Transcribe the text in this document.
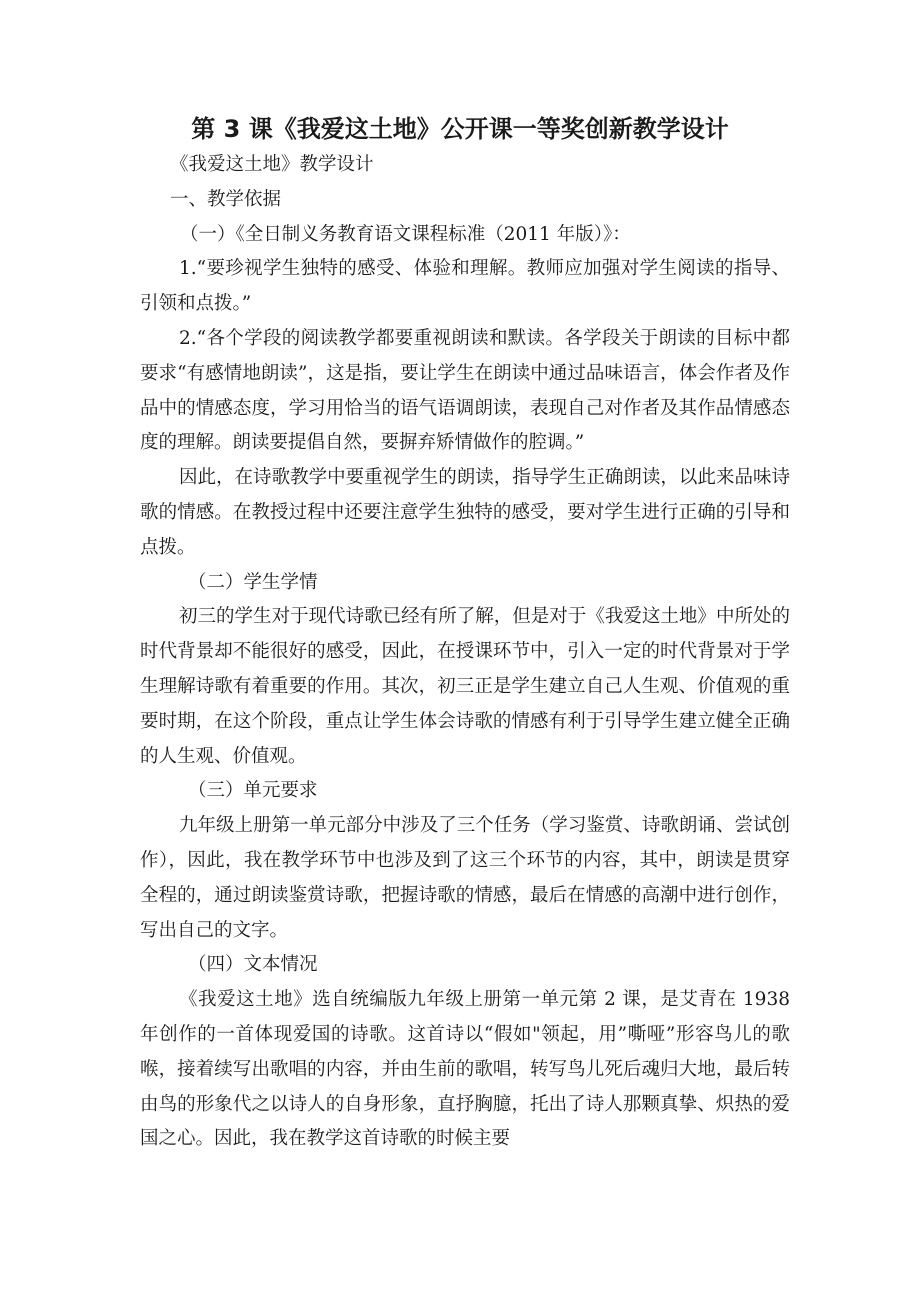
第 3 课《我爱这土地》公开课一等奖创新教学设计

《我爱这土地》教学设计

一、教学依据

（一）《全日制义务教育语文课程标准（2011 年版）》：

1.“要珍视学生独特的感受、体验和理解。教师应加强对学生阅读的指导、引领和点拨。”

2.“各个学段的阅读教学都要重视朗读和默读。各学段关于朗读的目标中都要求“有感情地朗读”，这是指，要让学生在朗读中通过品味语言，体会作者及作品中的情感态度，学习用恰当的语气语调朗读，表现自己对作者及其作品情感态度的理解。朗读要提倡自然，要摒弃矫情做作的腔调。”

因此，在诗歌教学中要重视学生的朗读，指导学生正确朗读，以此来品味诗歌的情感。在教授过程中还要注意学生独特的感受，要对学生进行正确的引导和点拨。

（二）学生学情

初三的学生对于现代诗歌已经有所了解，但是对于《我爱这土地》中所处的时代背景却不能很好的感受，因此，在授课环节中，引入一定的时代背景对于学生理解诗歌有着重要的作用。其次，初三正是学生建立自己人生观、价值观的重要时期，在这个阶段，重点让学生体会诗歌的情感有利于引导学生建立健全正确的人生观、价值观。

（三）单元要求

九年级上册第一单元部分中涉及了三个任务（学习鉴赏、诗歌朗诵、尝试创作），因此，我在教学环节中也涉及到了这三个环节的内容，其中，朗读是贯穿全程的，通过朗读鉴赏诗歌，把握诗歌的情感，最后在情感的高潮中进行创作，写出自己的文字。

（四）文本情况

《我爱这土地》选自统编版九年级上册第一单元第 2 课，是艾青在 1938 年创作的一首体现爱国的诗歌。这首诗以“假如"领起，用”嘶哑”形容鸟儿的歌喉，接着续写出歌唱的内容，并由生前的歌唱，转写鸟儿死后魂归大地，最后转由鸟的形象代之以诗人的自身形象，直抒胸臆，托出了诗人那颗真挚、炽热的爱国之心。因此，我在教学这首诗歌的时候主要
